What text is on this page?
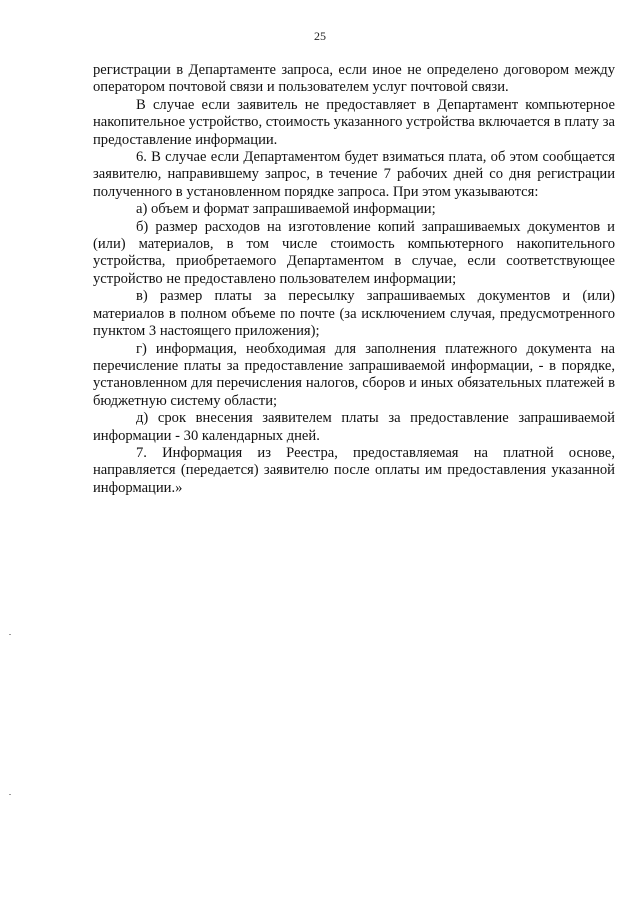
25

регистрации в Департаменте запроса, если иное не определено договором между оператором почтовой связи и пользователем услуг почтовой связи.

В случае если заявитель не предоставляет в Департамент компьютерное накопительное устройство, стоимость указанного устройства включается в плату за предоставление информации.

6. В случае если Департаментом будет взиматься плата, об этом сообщается заявителю, направившему запрос, в течение 7 рабочих дней со дня регистрации полученного в установленном порядке запроса. При этом указываются:

а) объем и формат запрашиваемой информации;

б) размер расходов на изготовление копий запрашиваемых документов и (или) материалов, в том числе стоимость компьютерного накопительного устройства, приобретаемого Департаментом в случае, если соответствующее устройство не предоставлено пользователем информации;

в) размер платы за пересылку запрашиваемых документов и (или) материалов в полном объеме по почте (за исключением случая, предусмотренного пунктом 3 настоящего приложения);

г) информация, необходимая для заполнения платежного документа на перечисление платы за предоставление запрашиваемой информации, - в порядке, установленном для перечисления налогов, сборов и иных обязательных платежей в бюджетную систему области;

д) срок внесения заявителем платы за предоставление запрашиваемой информации - 30 календарных дней.

7. Информация из Реестра, предоставляемая на платной основе, направляется (передается) заявителю после оплаты им предоставления указанной информации.»
